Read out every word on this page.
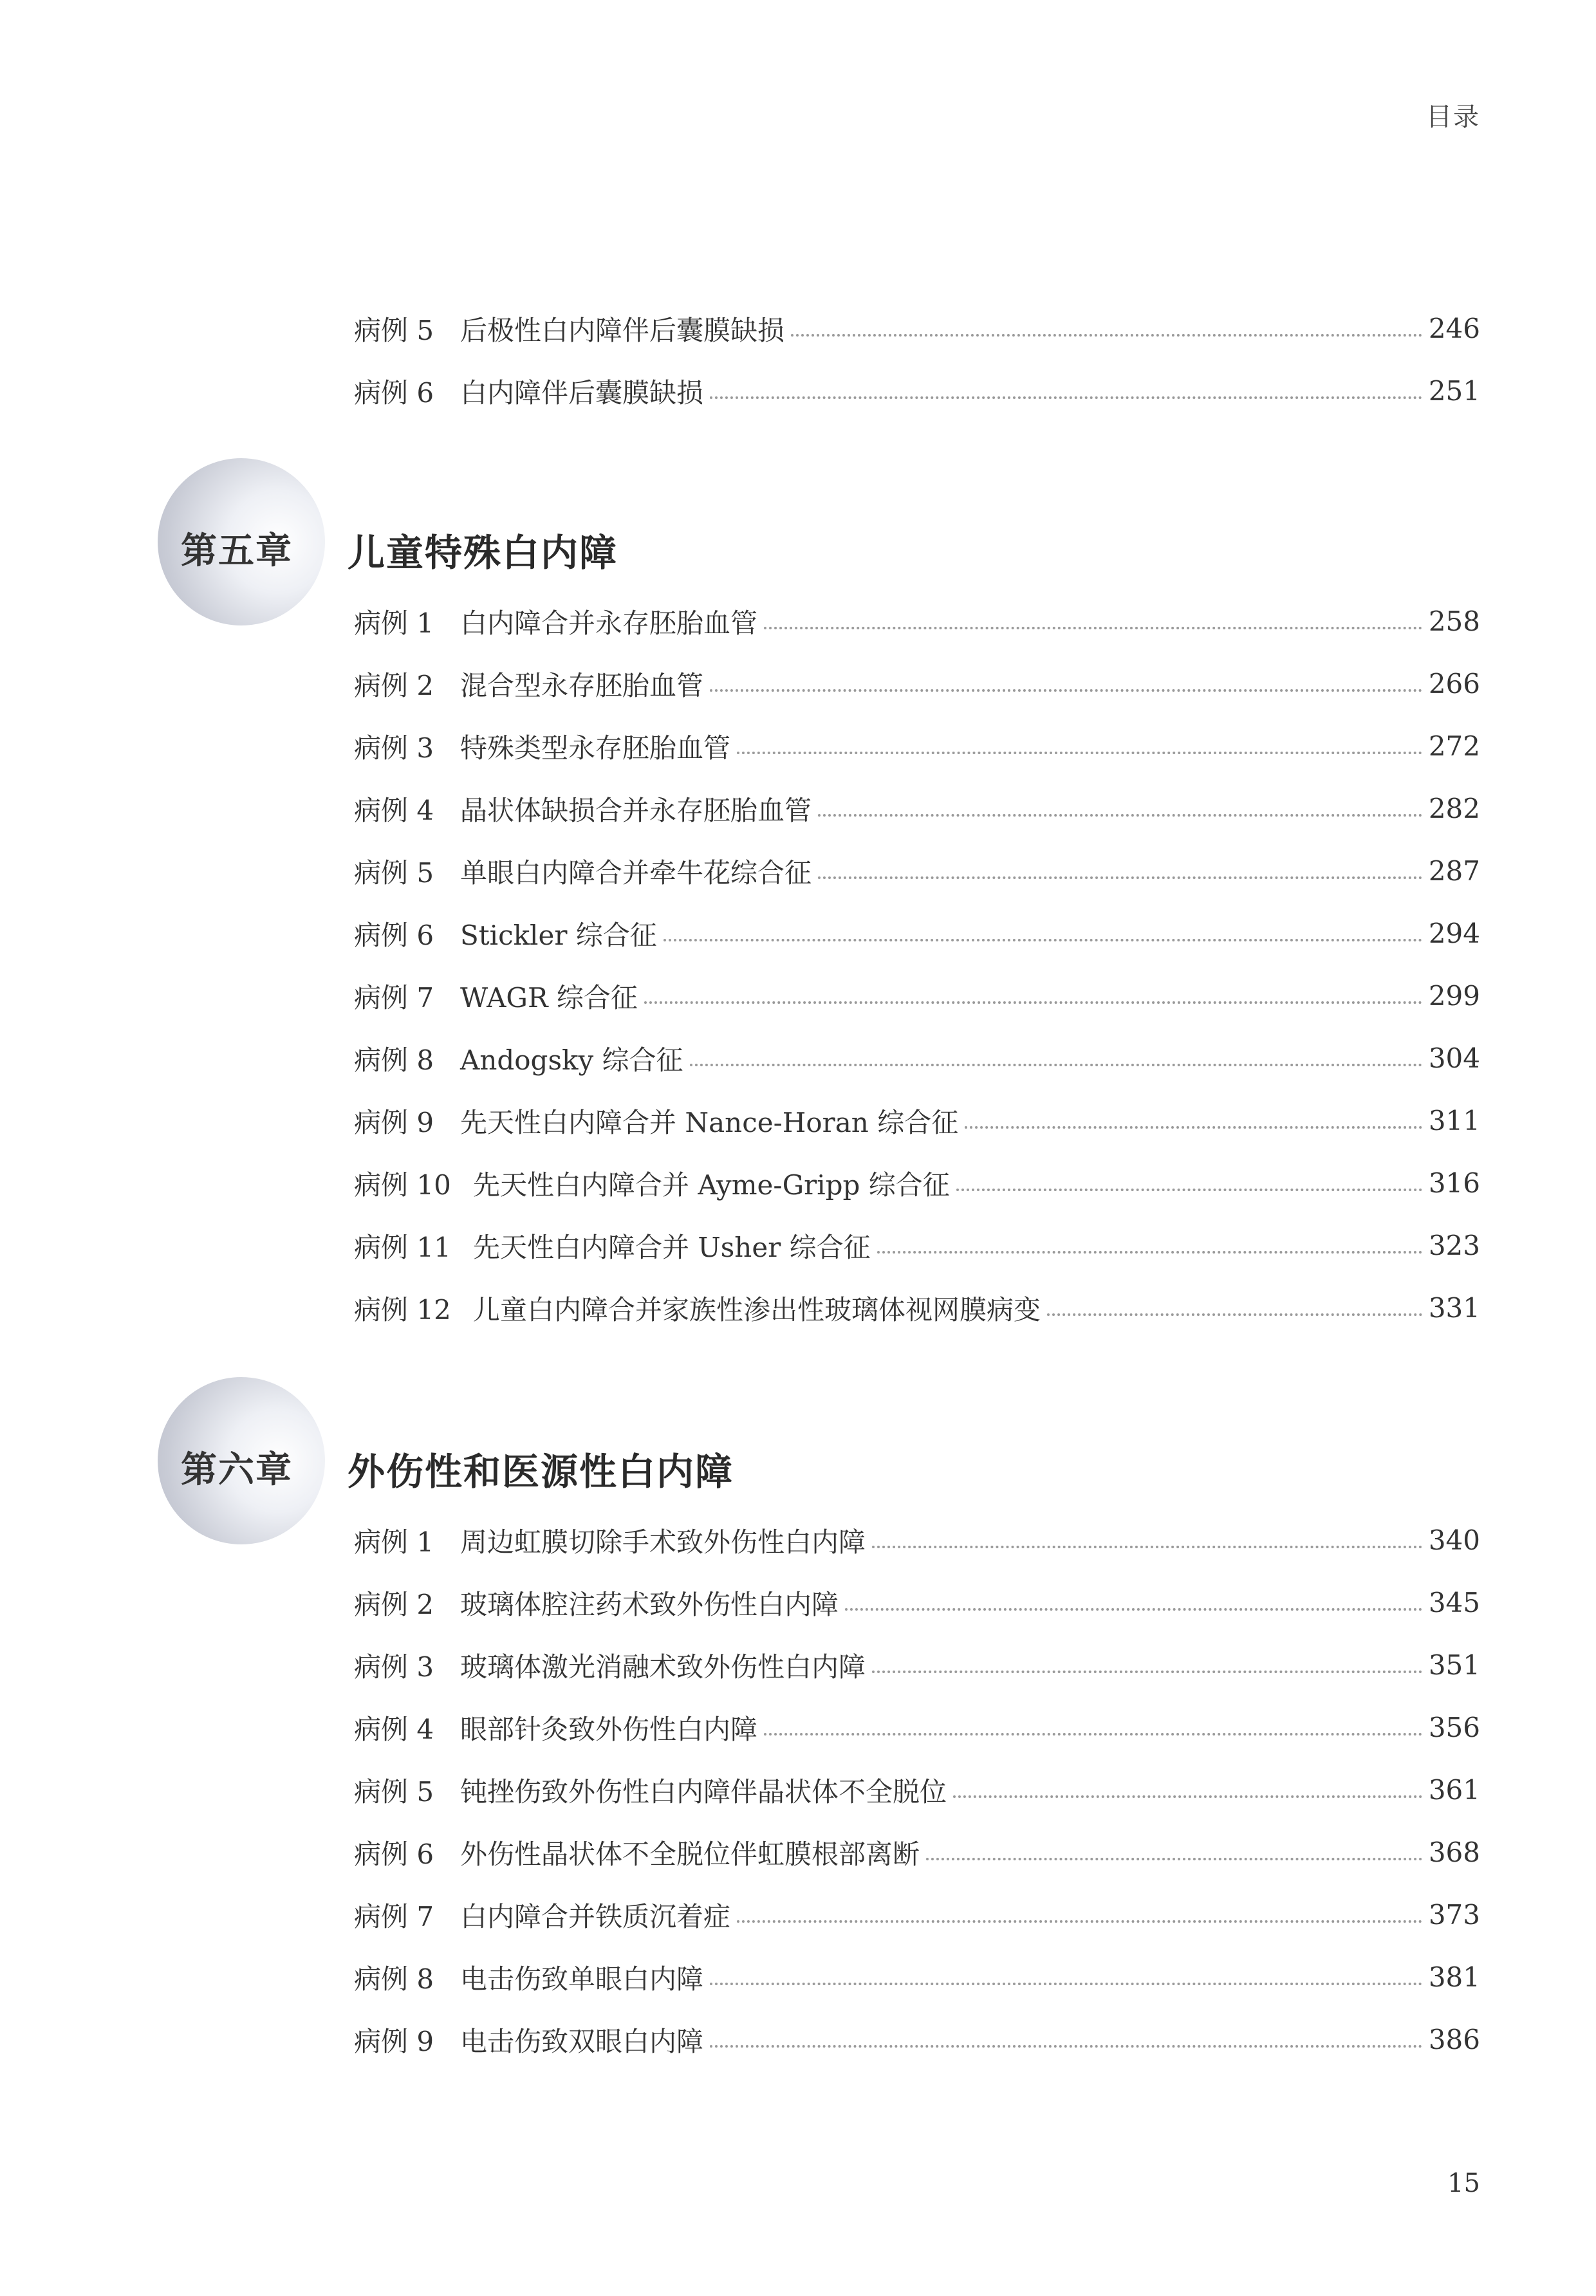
目录
病例 5 后极性白内障伴后囊膜缺损	246
病例 6 白内障伴后囊膜缺损	251
第五章 儿童特殊白内障
病例 1 白内障合并永存胚胎血管	258
病例 2 混合型永存胚胎血管	266
病例 3 特殊类型永存胚胎血管	272
病例 4 晶状体缺损合并永存胚胎血管	282
病例 5 单眼白内障合并牵牛花综合征	287
病例 6 Stickler 综合征	294
病例 7 WAGR 综合征	299
病例 8 Andogsky 综合征	304
病例 9 先天性白内障合并 Nance-Horan 综合征	311
病例 10 先天性白内障合并 Ayme-Gripp 综合征	316
病例 11 先天性白内障合并 Usher 综合征	323
病例 12 儿童白内障合并家族性渗出性玻璃体视网膜病变	331
第六章 外伤性和医源性白内障
病例 1 周边虹膜切除手术致外伤性白内障	340
病例 2 玻璃体腔注药术致外伤性白内障	345
病例 3 玻璃体激光消融术致外伤性白内障	351
病例 4 眼部针灸致外伤性白内障	356
病例 5 钝挫伤致外伤性白内障伴晶状体不全脱位	361
病例 6 外伤性晶状体不全脱位伴虹膜根部离断	368
病例 7 白内障合并铁质沉着症	373
病例 8 电击伤致单眼白内障	381
病例 9 电击伤致双眼白内障	386
15
